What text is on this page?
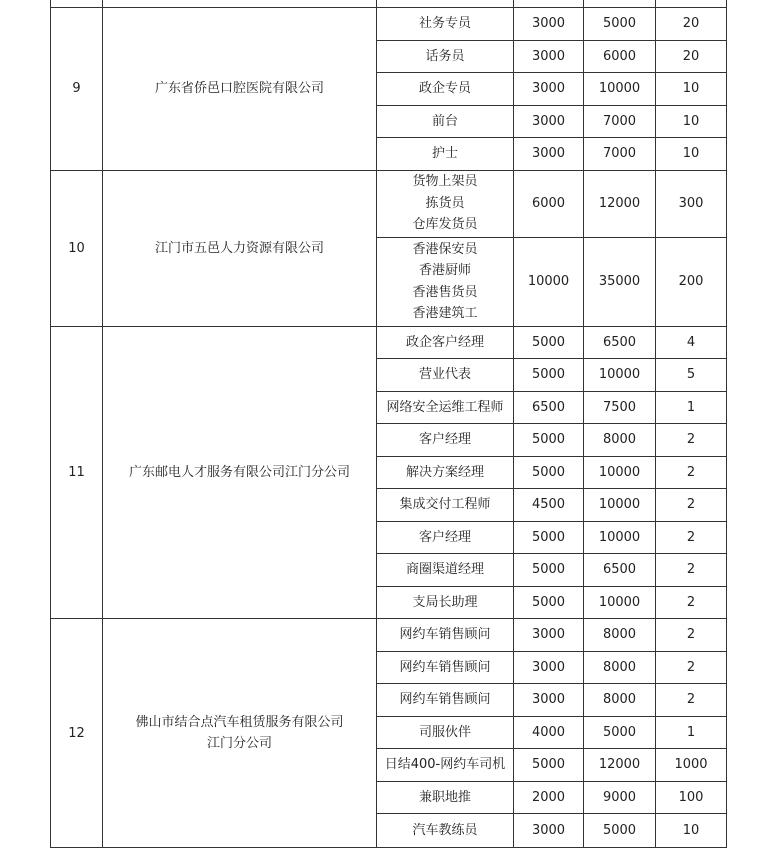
9	广东省侨邑口腔医院有限公司	社务专员	3000	5000	20

		话务员	3000	6000	20

		政企专员	3000	10000	10

		前台	3000	7000	10

		护士	3000	7000	10
10	江门市五邑人力资源有限公司	货物上架员
拣货员
仓库发货员	6000	12000	300

		香港保安员
香港厨师
香港售货员
香港建筑工	10000	35000	200
11	广东邮电人才服务有限公司江门分公司	政企客户经理	5000	6500	4

		营业代表	5000	10000	5

		网络安全运维工程师	6500	7500	1

		客户经理	5000	8000	2

		解决方案经理	5000	10000	2

		集成交付工程师	4500	10000	2

		客户经理	5000	10000	2

		商圈渠道经理	5000	6500	2

		支局长助理	5000	10000	2
12	佛山市结合点汽车租赁服务有限公司
江门分公司	网约车销售顾问	3000	8000	2

		网约车销售顾问	3000	8000	2

		网约车销售顾问	3000	8000	2

		司服伙伴	4000	5000	1

		日结400-网约车司机	5000	12000	1000

		兼职地推	2000	9000	100

		汽车教练员	3000	5000	10
